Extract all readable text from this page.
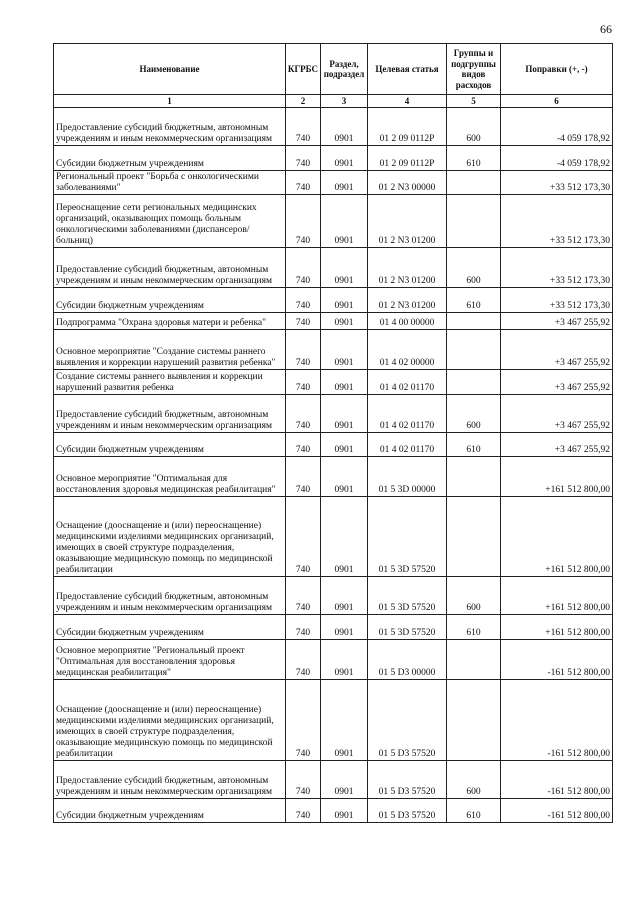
66
Наименование	КГРБС	Раздел, подраздел	Целевая статья	Группы и подгруппы видов расходов	Поправки (+, -)
1	2	3	4	5	6
Предоставление субсидий бюджетным, автономным учреждениям и иным некоммерческим организациям	740	0901	01 2 09 0112P	600	-4 059 178,92
Субсидии бюджетным учреждениям	740	0901	01 2 09 0112P	610	-4 059 178,92
Региональный проект "Борьба с онкологическими заболеваниями"	740	0901	01 2 N3 00000		+33 512 173,30
Переоснащение сети региональных медицинских организаций, оказывающих помощь больным онкологическими заболеваниями (диспансеров/больниц)	740	0901	01 2 N3 01200		+33 512 173,30
Предоставление субсидий бюджетным, автономным учреждениям и иным некоммерческим организациям	740	0901	01 2 N3 01200	600	+33 512 173,30
Субсидии бюджетным учреждениям	740	0901	01 2 N3 01200	610	+33 512 173,30
Подпрограмма "Охрана здоровья матери и ребенка"	740	0901	01 4 00 00000		+3 467 255,92
Основное мероприятие "Создание системы раннего выявления и коррекции нарушений развития ребенка"	740	0901	01 4 02 00000		+3 467 255,92
Создание системы раннего выявления и коррекции нарушений развития ребенка	740	0901	01 4 02 01170		+3 467 255,92
Предоставление субсидий бюджетным, автономным учреждениям и иным некоммерческим организациям	740	0901	01 4 02 01170	600	+3 467 255,92
Субсидии бюджетным учреждениям	740	0901	01 4 02 01170	610	+3 467 255,92
Основное мероприятие "Оптимальная для восстановления здоровья медицинская реабилитация"	740	0901	01 5 3D 00000		+161 512 800,00
Оснащение (дооснащение и (или) переоснащение) медицинскими изделиями медицинских организаций, имеющих в своей структуре подразделения, оказывающие медицинскую помощь по медицинской реабилитации	740	0901	01 5 3D 57520		+161 512 800,00
Предоставление субсидий бюджетным, автономным учреждениям и иным некоммерческим организациям	740	0901	01 5 3D 57520	600	+161 512 800,00
Субсидии бюджетным учреждениям	740	0901	01 5 3D 57520	610	+161 512 800,00
Основное мероприятие "Региональный проект "Оптимальная для восстановления здоровья медицинская реабилитация"	740	0901	01 5 D3 00000		-161 512 800,00
Оснащение (дооснащение и (или) переоснащение) медицинскими изделиями медицинских организаций, имеющих в своей структуре подразделения, оказывающие медицинскую помощь по медицинской реабилитации	740	0901	01 5 D3 57520		-161 512 800,00
Предоставление субсидий бюджетным, автономным учреждениям и иным некоммерческим организациям	740	0901	01 5 D3 57520	600	-161 512 800,00
Субсидии бюджетным учреждениям	740	0901	01 5 D3 57520	610	-161 512 800,00
